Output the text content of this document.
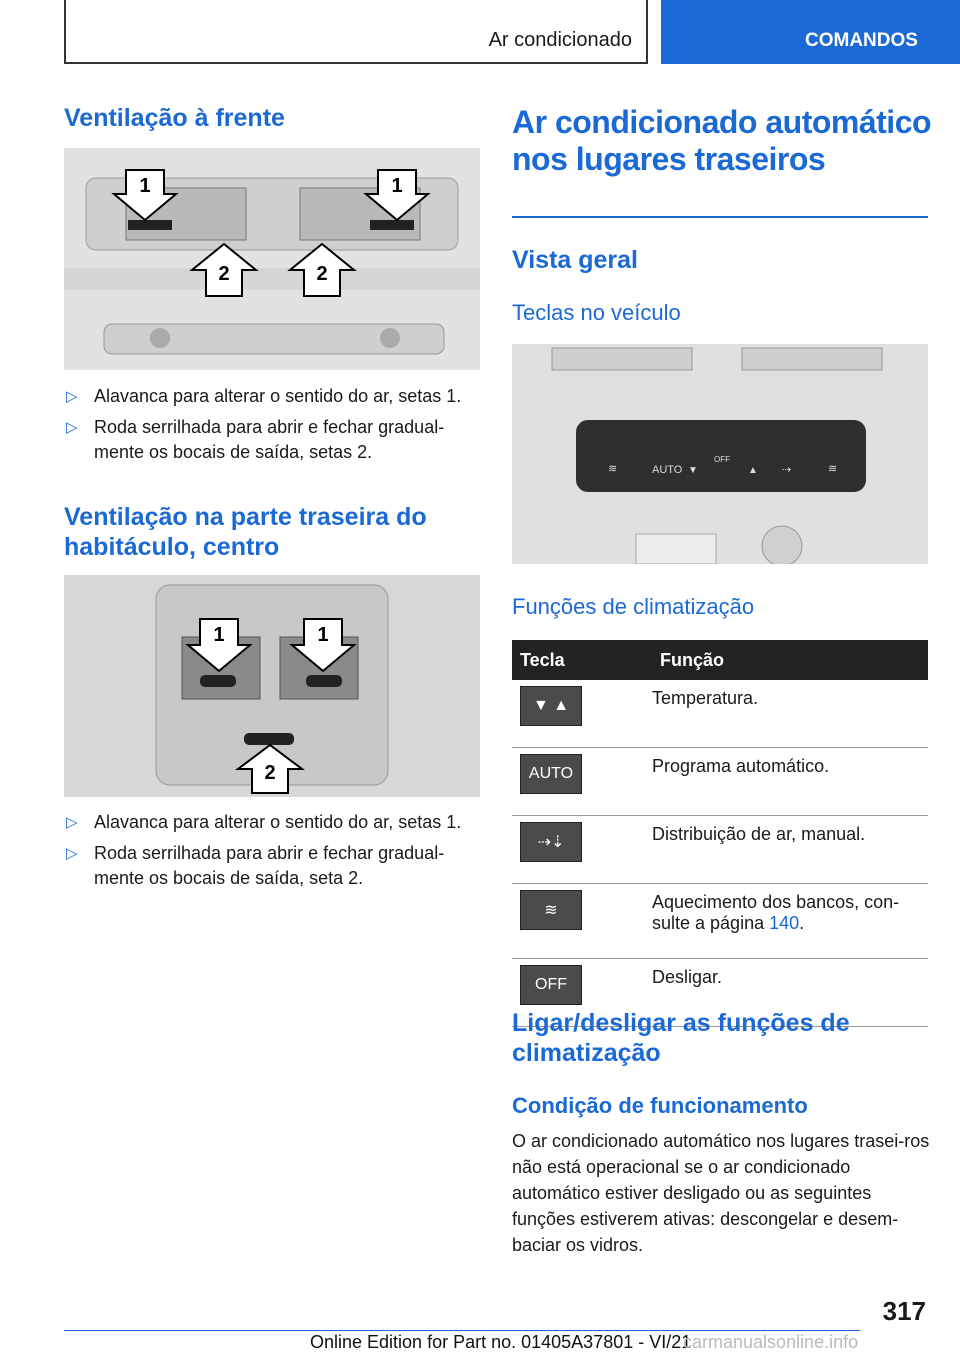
Ar condicionado	COMANDOS
Ventilação à frente
1	1
2	2
▷ Alavanca para alterar o sentido do ar, setas 1.
▷ Roda serrilhada para abrir e fechar gradual-mente os bocais de saída, setas 2.
Ventilação na parte traseira do habitáculo, centro
1	1
2
▷ Alavanca para alterar o sentido do ar, setas 1.
▷ Roda serrilhada para abrir e fechar gradual-mente os bocais de saída, seta 2.
Ar condicionado automático nos lugares traseiros
Vista geral
Teclas no veículo
≋	AUTO ▼
OFF
▲ ⇢	≋
Funções de climatização
Tecla	Função

▼ ▲	Temperatura.

AUTO	Programa automático.

⇢⇣	Distribuição de ar, manual.

≋	Aquecimento dos bancos, con-sulte a página 140.

OFF	Desligar.
Ligar/desligar as funções de climatização
Condição de funcionamento
O ar condicionado automático nos lugares trasei-ros não está operacional se o ar condicionado automático estiver desligado ou as seguintes funções estiverem ativas: descongelar e desem-baciar os vidros.
317
Online Edition for Part no. 01405A37801 - VI/21
carmanualsonline.info
